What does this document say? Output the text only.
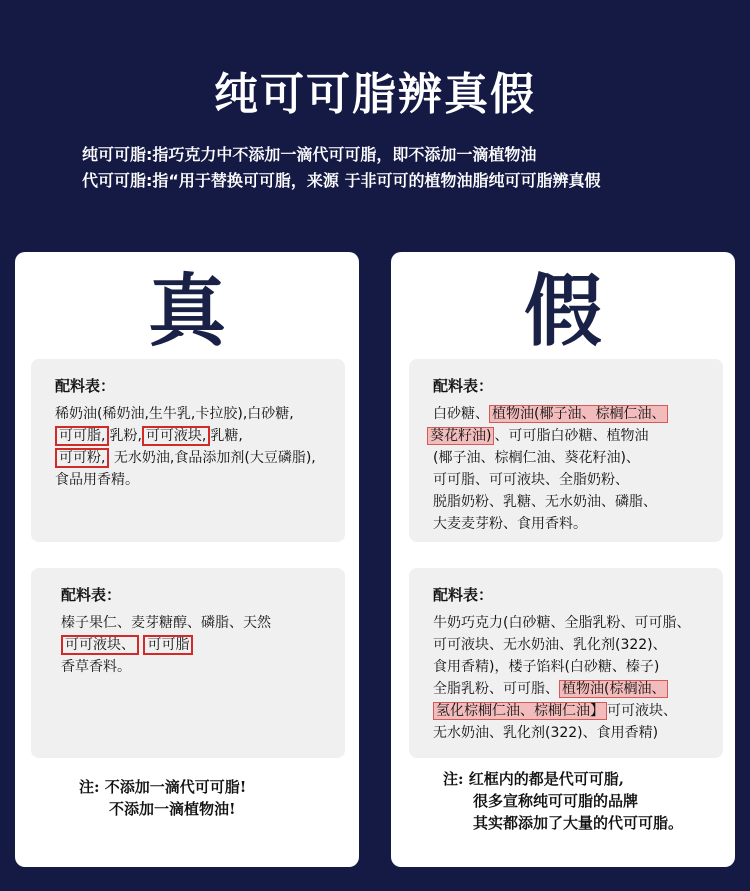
纯可可脂辨真假
纯可可脂:指巧克力中不添加一滴代可可脂，即不添加一滴植物油
代可可脂:指“用于替换可可脂，来源 于非可可的植物油脂纯可可脂辨真假
真
配料表：
稀奶油(稀奶油,生牛乳,卡拉胶),白砂糖,
可可脂, 乳粉, 可可液块, 乳糖,
可可粉, 无水奶油,食品添加剂(大豆磷脂),
食品用香精。
配料表：
榛子果仁、麦芽糖醇、磷脂、天然
可可液块、 可可脂
香草香料。
注: 不添加一滴代可可脂!
不添加一滴植物油!
假
配料表：
白砂糖、 植物油(椰子油、棕榈仁油、
葵花籽油) 、可可脂白砂糖、植物油
(椰子油、棕榈仁油、葵花籽油)、
可可脂、可可液块、全脂奶粉、
脱脂奶粉、乳糖、无水奶油、磷脂、
大麦麦芽粉、食用香料。
配料表：
牛奶巧克力(白砂糖、全脂乳粉、可可脂、
可可液块、无水奶油、乳化剂(322)、
食用香精)，楼子馅料(白砂糖、榛子)
全脂乳粉、可可脂、 植物油(棕榈油、
氢化棕榈仁油、棕榈仁油】 可可液块、
无水奶油、乳化剂(322)、食用香精)
注: 红框内的都是代可可脂,
很多宣称纯可可脂的品牌
其实都添加了大量的代可可脂。
